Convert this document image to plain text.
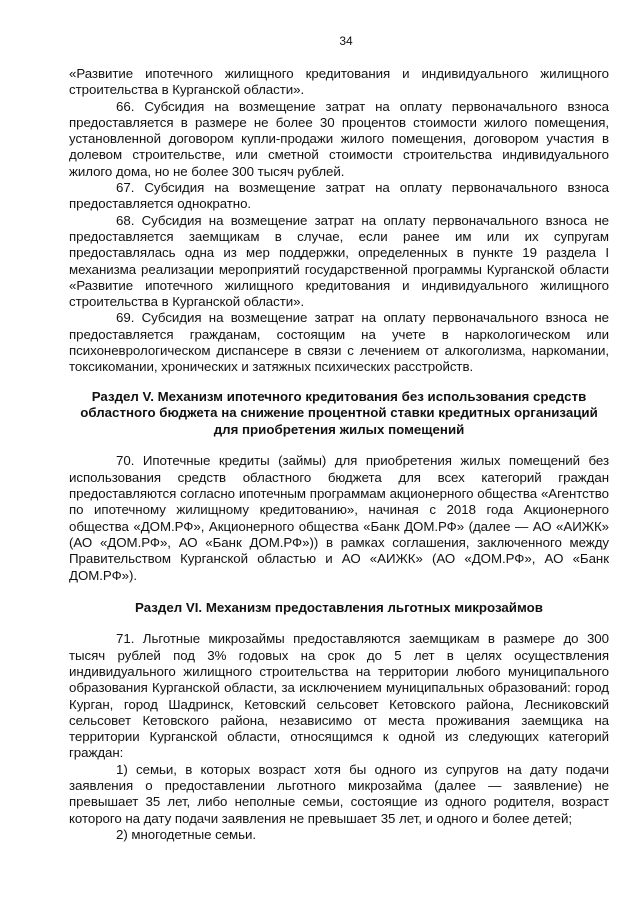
34

«Развитие ипотечного жилищного кредитования и индивидуального жилищного строительства в Курганской области».

66. Субсидия на возмещение затрат на оплату первоначального взноса предоставляется в размере не более 30 процентов стоимости жилого помещения, установленной договором купли-продажи жилого помещения, договором участия в долевом строительстве, или сметной стоимости строительства индивидуального жилого дома, но не более 300 тысяч рублей.

67. Субсидия на возмещение затрат на оплату первоначального взноса предоставляется однократно.

68. Субсидия на возмещение затрат на оплату первоначального взноса не предоставляется заемщикам в случае, если ранее им или их супругам предоставлялась одна из мер поддержки, определенных в пункте 19 раздела I механизма реализации мероприятий государственной программы Курганской области «Развитие ипотечного жилищного кредитования и индивидуального жилищного строительства в Курганской области».

69. Субсидия на возмещение затрат на оплату первоначального взноса не предоставляется гражданам, состоящим на учете в наркологическом или психоневрологическом диспансере в связи с лечением от алкоголизма, наркомании, токсикомании, хронических и затяжных психических расстройств.

Раздел V. Механизм ипотечного кредитования без использования средств областного бюджета на снижение процентной ставки кредитных организаций для приобретения жилых помещений

70. Ипотечные кредиты (займы) для приобретения жилых помещений без использования средств областного бюджета для всех категорий граждан предоставляются согласно ипотечным программам акционерного общества «Агентство по ипотечному жилищному кредитованию», начиная с 2018 года Акционерного общества «ДОМ.РФ», Акционерного общества «Банк ДОМ.РФ» (далее — АО «АИЖК» (АО «ДОМ.РФ», АО «Банк ДОМ.РФ»)) в рамках соглашения, заключенного между Правительством Курганской областью и АО «АИЖК» (АО «ДОМ.РФ», АО «Банк ДОМ.РФ»).

Раздел VI. Механизм предоставления льготных микрозаймов

71. Льготные микрозаймы предоставляются заемщикам в размере до 300 тысяч рублей под 3% годовых на срок до 5 лет в целях осуществления индивидуального жилищного строительства на территории любого муниципального образования Курганской области, за исключением муниципальных образований: город Курган, город Шадринск, Кетовский сельсовет Кетовского района, Лесниковский сельсовет Кетовского района, независимо от места проживания заемщика на территории Курганской области, относящимся к одной из следующих категорий граждан:

1) семьи, в которых возраст хотя бы одного из супругов на дату подачи заявления о предоставлении льготного микрозайма (далее — заявление) не превышает 35 лет, либо неполные семьи, состоящие из одного родителя, возраст которого на дату подачи заявления не превышает 35 лет, и одного и более детей;

2) многодетные семьи.
